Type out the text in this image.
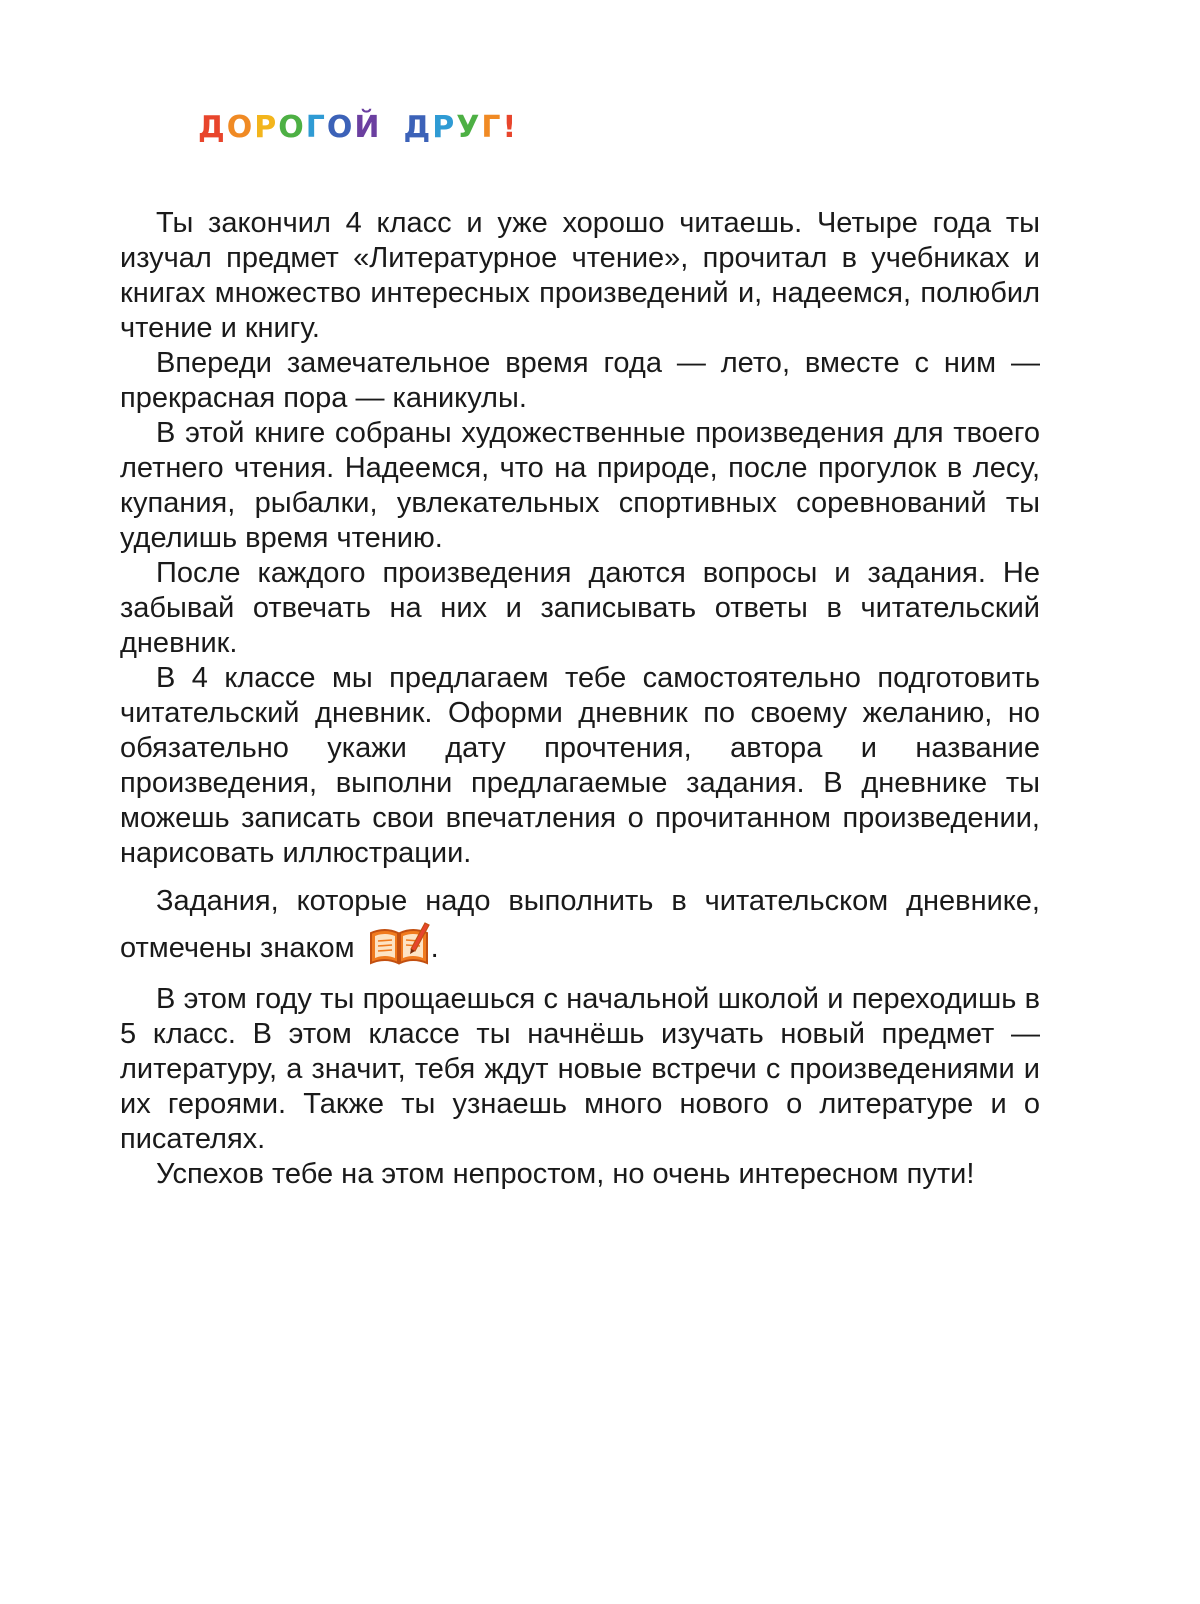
ДОРОГОЙ ДРУГ!

Ты закончил 4 класс и уже хорошо читаешь. Четыре года ты изучал предмет «Литературное чтение», прочитал в учебниках и книгах множество интересных произведений и, надеемся, полюбил чтение и книгу.

Впереди замечательное время года — лето, вместе с ним — прекрасная пора — каникулы.

В этой книге собраны художественные произведения для твоего летнего чтения. Надеемся, что на природе, после прогулок в лесу, купания, рыбалки, увлекательных спортивных соревнований ты уделишь время чтению.

После каждого произведения даются вопросы и задания. Не забывай отвечать на них и записывать ответы в читательский дневник.

В 4 классе мы предлагаем тебе самостоятельно подготовить читательский дневник. Оформи дневник по своему желанию, но обязательно укажи дату прочтения, автора и название произведения, выполни предлагаемые задания. В дневнике ты можешь записать свои впечатления о прочитанном произведении, нарисовать иллюстрации.

Задания, которые надо выполнить в читательском дневнике, отмечены знаком	.

В этом году ты прощаешься с начальной школой и переходишь в 5 класс. В этом классе ты начнёшь изучать новый предмет — литературу, а значит, тебя ждут новые встречи с произведениями и их героями. Также ты узнаешь много нового о литературе и о писателях.

Успехов тебе на этом непростом, но очень интересном пути!
